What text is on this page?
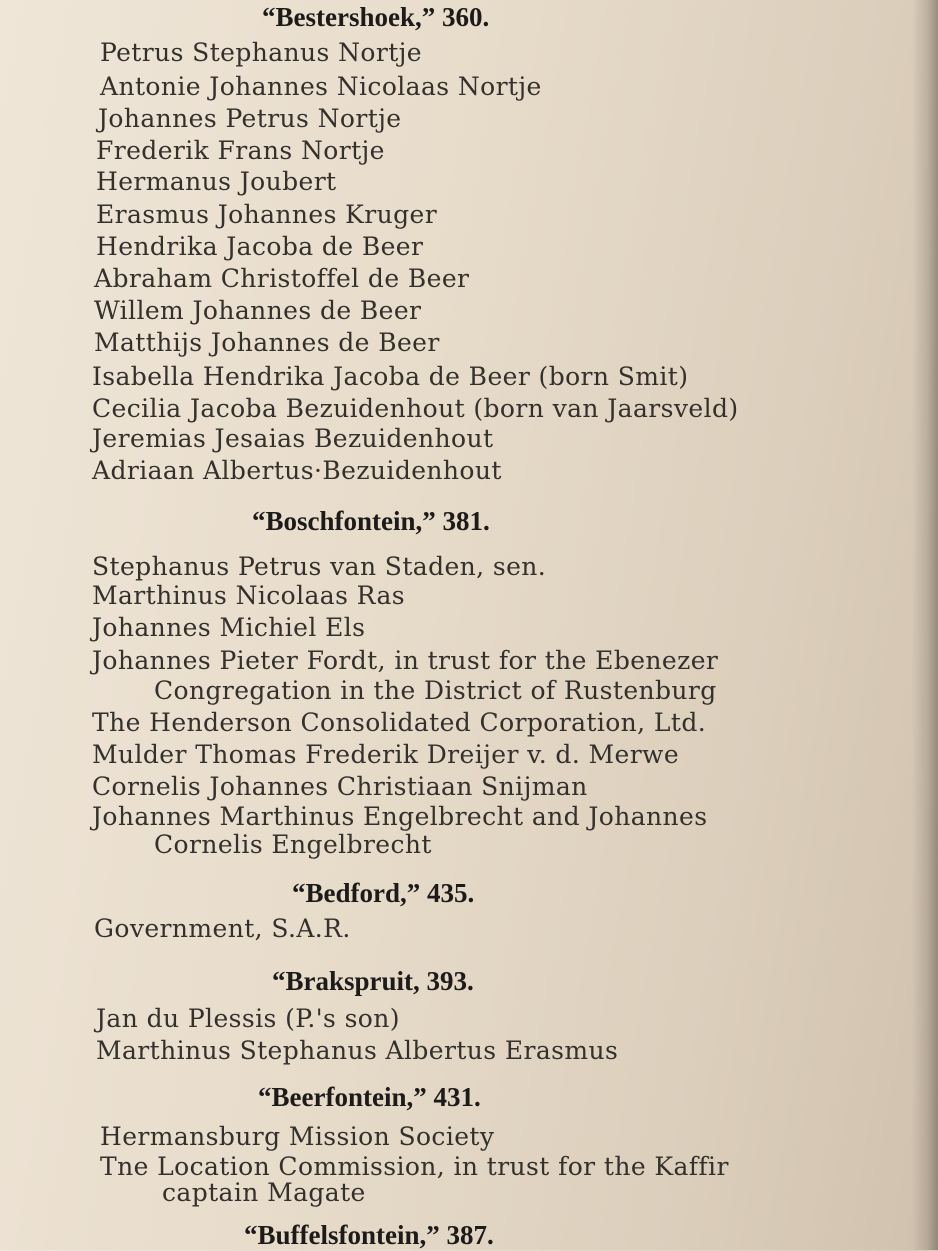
“Bestershoek,” 360.
Petrus Stephanus Nortje
Antonie Johannes Nicolaas Nortje
Johannes Petrus Nortje
Frederik Frans Nortje
Hermanus Joubert
Erasmus Johannes Kruger
Hendrika Jacoba de Beer
Abraham Christoffel de Beer
Willem Johannes de Beer
Matthijs Johannes de Beer
Isabella Hendrika Jacoba de Beer (born Smit)
Cecilia Jacoba Bezuidenhout (born van Jaarsveld)
Jeremias Jesaias Bezuidenhout
Adriaan Albertus·Bezuidenhout
“Boschfontein,” 381.
Stephanus Petrus van Staden, sen.
Marthinus Nicolaas Ras
Johannes Michiel Els
Johannes Pieter Fordt, in trust for the Ebenezer
Congregation in the District of Rustenburg
The Henderson Consolidated Corporation, Ltd.
Mulder Thomas Frederik Dreijer v. d. Merwe
Cornelis Johannes Christiaan Snijman
Johannes Marthinus Engelbrecht and Johannes
Cornelis Engelbrecht
“Bedford,” 435.
Government, S.A.R.
“Brakspruit, 393.
Jan du Plessis (P.'s son)
Marthinus Stephanus Albertus Erasmus
“Beerfontein,” 431.
Hermansburg Mission Society
Tne Location Commission, in trust for the Kaffir
captain Magate
“Buffelsfontein,” 387.
